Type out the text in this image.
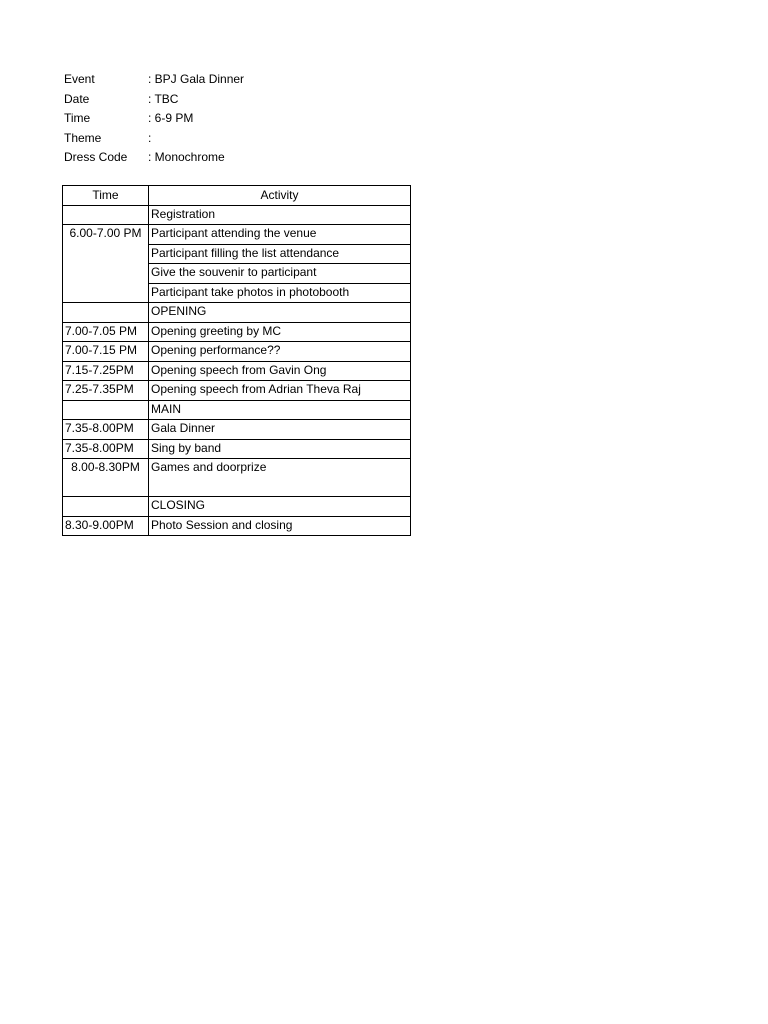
Event	: BPJ Gala Dinner
Date	: TBC
Time	: 6-9 PM
Theme	:
Dress Code : Monochrome
Time	Activity
	Registration
6.00-7.00 PM	Participant attending the venue
	Participant filling the list attendance
	Give the souvenir to participant
	Participant take photos in photobooth
	OPENING
7.00-7.05 PM	Opening greeting by MC
7.00-7.15 PM	Opening performance??
7.15-7.25PM	Opening speech from Gavin Ong
7.25-7.35PM	Opening speech from Adrian Theva Raj
	MAIN
7.35-8.00PM	Gala Dinner
7.35-8.00PM	Sing by band
8.00-8.30PM	Games and doorprize
	CLOSING
8.30-9.00PM	Photo Session and closing
